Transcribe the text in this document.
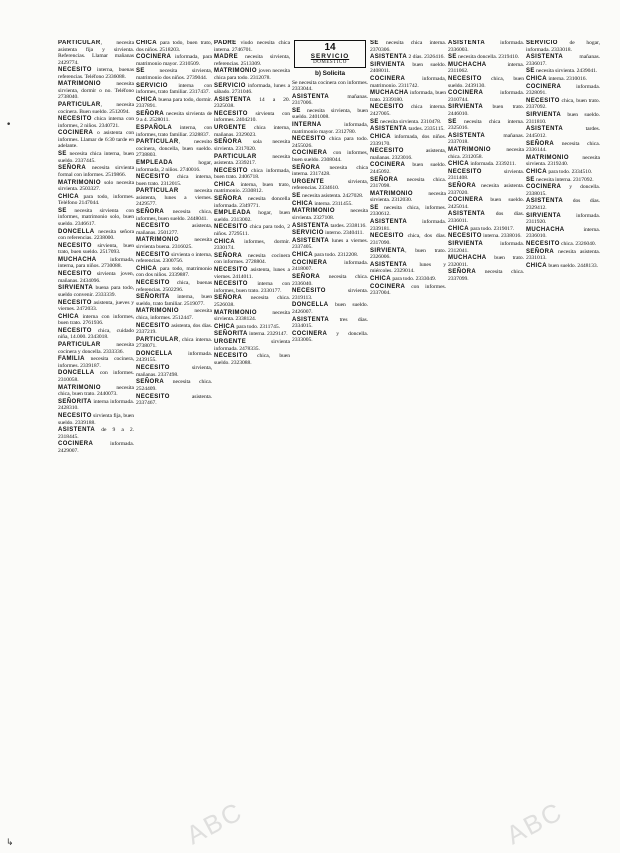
PARTICULAR, necesita asistenta fija y sirvienta. Referencias. Llamar mañanas 2429774.

NECESITO interna, buenas referencias. Teléfono 2336088.

MATRIMONIO necesita sirvienta, dormir o no. Teléfono 2738040.

PARTICULAR, necesita cocinera. Buen sueldo. 2512094.

NECESITO chica interna con informes, 2 niños. 2340721.

COCINERA o asistenta con informes. Llamar de 6:30 tarde en adelante.

SE necesita chica interna, buen sueldo. 2337445.

SEÑORA necesita sirvienta formal con informes. 2519866.

MATRIMONIO solo necesita sirvienta. 2503327.

CHICA para todo, informes. Teléfono 2147044.

SE necesita sirvienta con informes, matrimonio solo, buen sueldo. 2346617.

DONCELLA necesita señora con referencias. 2238000.

NECESITO sirvienta, buen trato, buen sueldo. 2517093.

MUCHACHA informada, interna, para niños. 2730088.

NECESITO sirvienta joven, mañanas. 2434096.

SIRVIENTA buena para todo, sueldo convenir. 2333339.

NECESITO asistenta, jueves y viernes. 2472033.

CHICA interna con informes, buen trato. 2761936.

NECESITO chica, cuidado niña, 14.000. 2343018.

PARTICULAR necesita cocinera y doncella. 2333336.

FAMILIA necesita cocinera, informes. 2339187.

DONCELLA con informes. 2310058.

MATRIMONIO necesita chica, buen trato. 2440073.

SEÑORITA interna informada. 2428310.

NECESITO sirvienta fija, buen sueldo. 2339188.

ASISTENTA de 9 a 2. 2318445.

COCINERA informada. 2429007.

CHICA para todo, buen trato, dos niños. 2518203.

COCINERA informada, para matrimonio mayor. 2310509.

SE necesita sirvienta, matrimonio dos niños. 2739044.

SERVICIO interna con informes, trato familiar. 2317437.

CHICA buena para todo, dormir. 2337891.

SEÑORA necesita sirvienta de 9 a 4. 2528011.

ESPAÑOLA interna, con informes, trato familiar. 2328837.

PARTICULAR, necesito cocinera, doncella, buen sueldo. 2738803.

EMPLEADA hogar, informada, 2 niños. 2740016.

NECESITO chica interna, buen trato. 2312015.

PARTICULAR necesita asistenta, lunes a viernes. 2429577.

SEÑORA necesita chica, informes, buen sueldo. 2448041.

NECESITO asistenta, mañanas. 2501277.

MATRIMONIO necesita sirvienta buena. 2316025.

NECESITO sirvienta o interna, referencias. 2300756.

CHICA para todo, matrimonio con dos niños. 2339887.

NECESITO chica, buenas referencias. 2502296.

SEÑORITA interna, buen sueldo, trato familiar. 2519077.

MATRIMONIO necesita chica, informes. 2512447.

NECESITO asistenta, dos días. 2337219.

PARTICULAR, chica interna. 2738071.

DONCELLA informada. 2439155.

NECESITO sirvienta, mañanas. 2337498.

SEÑORA necesita chica. 2524409.

NECESITO asistenta. 2337467.

PADRE viudo necesita chica interna. 2746701.

MADRE necesita sirvienta, referencias. 2513309.

MATRIMONIO joven necesita chica para todo. 2312078.

SERVICIO informada, lunes a sábado. 2731046.

ASISTENTA 14 a 20. 2325038.

NECESITO sirvienta con informes. 2404210.

URGENTE chica interna, mañanas. 2329023.

SEÑORA sola necesita sirvienta. 2317020.

PARTICULAR necesita asistenta. 2339217.

NECESITO chica informada, buen trato. 2406718.

CHICA interna, buen trato, matrimonio. 2330812.

SEÑORA necesita doncella informada. 2349771.

EMPLEADA hogar, buen sueldo. 2313002.

NECESITO chica para todo, 2 niños. 2729511.

CHICA informes, dormir. 2330174.

SEÑORA necesita cocinera con informes. 2728804.

NECESITO asistenta, lunes a viernes. 2414011.

NECESITO interna con informes, buen trato. 2330177.

SEÑORA necesita chica. 2526038.

MATRIMONIO necesita sirvienta. 2338124.

CHICA para todo. 2311745.

SEÑORITA interna. 2329147.

URGENTE sirvienta informada. 2478335.

NECESITO chica, buen sueldo. 2323088.

14
SERVICIO
DOMESTICO
b) Solicita

Se necesita cocinera con informes. 2333044.

ASISTENTA mañanas. 2317006.

SE necesita sirvienta, buen sueldo. 2401008.

INTERNA informada, matrimonio mayor. 2312780.

NECESITO chica para todo. 2455026.

COCINERA con informes, buen sueldo. 2308044.

SEÑORA necesita chica interna. 2317428.

URGENTE sirvienta, referencias. 2334610.

SE necesita asistenta. 2427028.

CHICA interna. 2311455.

MATRIMONIO necesita sirvienta. 2327108.

ASISTENTA tardes. 2338116.

SERVICIO interno. 2340411.

ASISTENTA lunes a viernes. 2337405.

CHICA para todo. 2312208.

COCINERA informada. 2418007.

SEÑORA necesita chica. 2336040.

NECESITO sirvienta. 2319113.

DONCELLA buen sueldo. 2426007.

ASISTENTA tres días. 2334015.

COCINERA y doncella. 2333005.

SE necesita chica interna. 2370306.

ASISTENTA 2 días. 2326416.

SIRVIENTA buen sueldo. 2408011.

COCINERA informada, matrimonio. 2311742.

MUCHACHA informada, buen trato. 2339180.

NECESITO chica interna. 2427005.

SE necesita sirvienta. 2310478.

ASISTENTA tardes. 2335115.

CHICA informada, dos niños. 2339170.

NECESITO asistenta, mañanas. 2323016.

COCINERA buen sueldo. 2445092.

SEÑORA necesita chica. 2317098.

MATRIMONIO necesita sirvienta. 2312030.

SE necesita chica, informes. 2330612.

ASISTENTA informada. 2339181.

NECESITO chica, dos días. 2317090.

SIRVIENTA, buen trato. 2326006.

ASISTENTA lunes y miércoles. 2329014.

CHICA para todo. 2333049.

COCINERA con informes. 2337004.

ASISTENTA informada. 2336003.

SE necesita doncella. 2319410.

MUCHACHA interna. 2311062.

NECESITO chica, buen sueldo. 2439130.

COCINERA informada. 2310744.

SIRVIENTA buen trato. 2446010.

SE necesita chica interna. 2325016.

ASISTENTA mañanas. 2337018.

MATRIMONIO necesita chica. 2312058.

CHICA informada. 2339211.

NECESITO sirvienta. 2311408.

SEÑORA necesita asistenta. 2337020.

COCINERA buen sueldo. 2425014.

ASISTENTA dos días. 2336011.

CHICA para todo. 2319017.

NECESITO interna. 2338016.

SIRVIENTA informada. 2312041.

MUCHACHA buen trato. 2320011.

SEÑORA necesita chica. 2337099.

SERVICIO de hogar, informada. 2333018.

ASISTENTA mañanas. 2336017.

SE necesita sirvienta. 2439041.

CHICA interna. 2310016.

COCINERA informada. 2328091.

NECESITO chica, buen trato. 2337092.

SIRVIENTA buen sueldo. 2311810.

ASISTENTA tardes. 2445012.

SEÑORA necesita chica. 2336144.

MATRIMONIO necesita sirvienta. 2319240.

CHICA para todo. 2334510.

SE necesita interna. 2317092.

COCINERA y doncella. 2338015.

ASISTENTA dos días. 2329412.

SIRVIENTA informada. 2311920.

MUCHACHA interna. 2336010.

NECESITO chica. 2326040.

SEÑORA necesita asistenta. 2331013.

CHICA buen sueldo. 2448133.

ABC	ABC
•
↳
